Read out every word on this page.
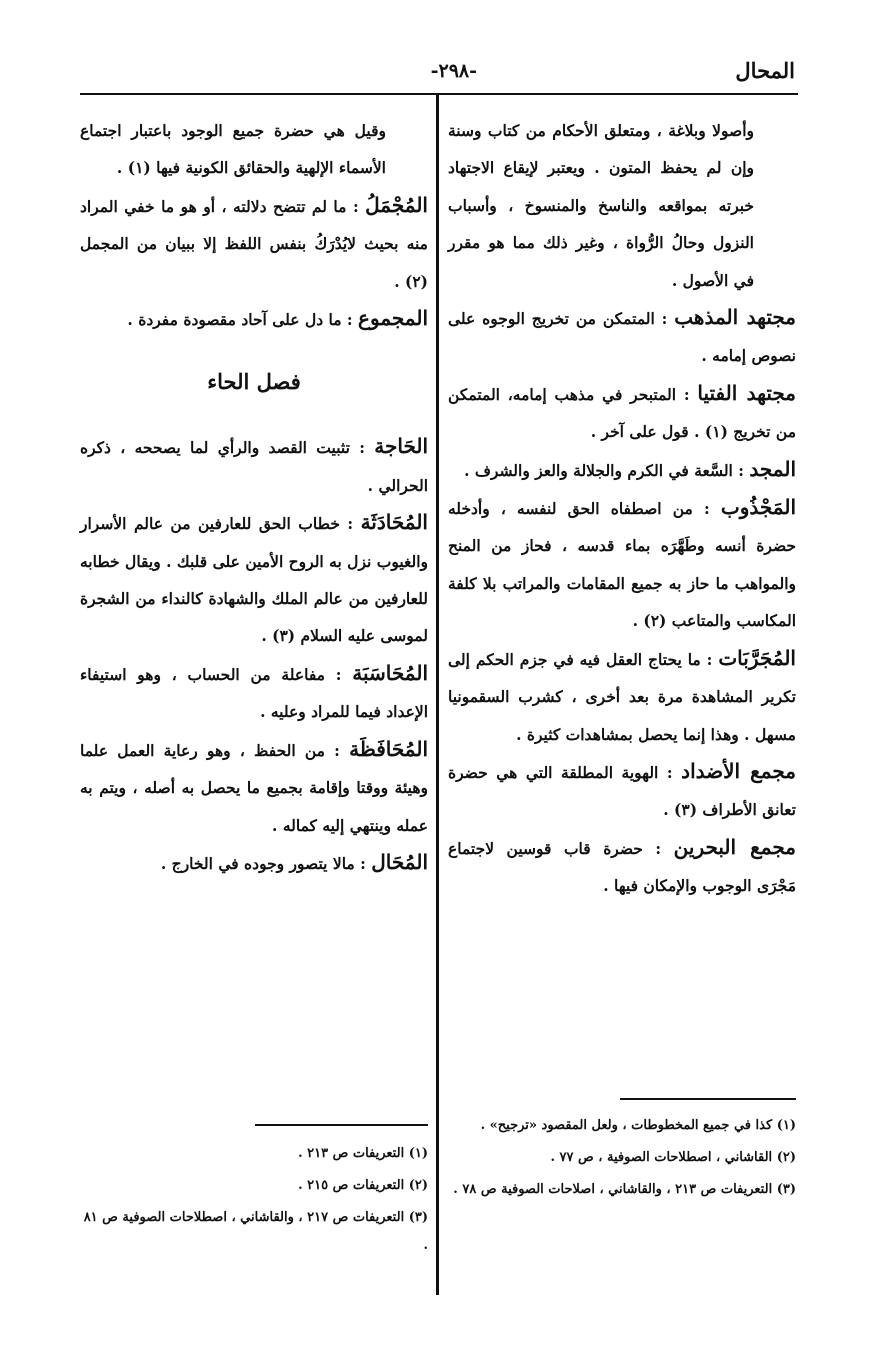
المحال
-٢٩٨-

وأصولا وبلاغة ، ومتعلق الأحكام من كتاب وسنة وإن لم يحفظ المتون . ويعتبر لإيقاع الاجتهاد خبرته بمواقعه والناسخ والمنسوخ ، وأسباب النزول وحالُ الرُّواة ، وغير ذلك مما هو مقرر في الأصول .

مجتهد المذهب : المتمكن من تخريج الوجوه على نصوص إمامه .

مجتهد الفتيا : المتبحر في مذهب إمامه، المتمكن من تخريج (١) . قول على آخر .

المجد : السَّعة في الكرم والجلالة والعز والشرف .

المَجْذُوب : من اصطفاه الحق لنفسه ، وأدخله حضرة أنسه وطَهَّرَه بماء قدسه ، فحاز من المنح والمواهب ما حاز به جميع المقامات والمراتب بلا كلفة المكاسب والمتاعب (٢) .

المُجَرَّبَات : ما يحتاج العقل فيه في جزم الحكم إلى تكرير المشاهدة مرة بعد أخرى ، كشرب السقمونيا مسهل . وهذا إنما يحصل بمشاهدات كثيرة .

مجمع الأضداد : الهوية المطلقة التي هي حضرة تعانق الأطراف (٣) .

مجمع البحرين : حضرة قاب قوسين لاجتماع مَجْرَى الوجوب والإمكان فيها .

وقيل هي حضرة جميع الوجود باعتبار اجتماع الأسماء الإلهية والحقائق الكونية فيها (١) .

المُجْمَلُ : ما لم تتضح دلالته ، أو هو ما خفي المراد منه بحيث لايُدْرَكُ بنفس اللفظ إلا ببيان من المجمل (٢) .

المجموع : ما دل على آحاد مقصودة مفردة .

فصل الحاء

الحَاجة : تثبيت القصد والرأي لما يصححه ، ذكره الحرالي .

المُحَادَثَة : خطاب الحق للعارفين من عالم الأسرار والغيوب نزل به الروح الأمين على قلبك . ويقال خطابه للعارفين من عالم الملك والشهادة كالنداء من الشجرة لموسى عليه السلام (٣) .

المُحَاسَبَة : مفاعلة من الحساب ، وهو استيفاء الإعداد فيما للمراد وعليه .

المُحَافَظَة : من الحفظ ، وهو رعاية العمل علما وهيئة ووقتا وإقامة بجميع ما يحصل به أصله ، ويتم به عمله وينتهي إليه كماله .

المُحَال : مالا يتصور وجوده في الخارج .

(١) كذا في جميع المخطوطات ، ولعل المقصود «ترجيح» .

(٢) القاشاني ، اصطلاحات الصوفية ، ص ٧٧ .

(٣) التعريفات ص ٢١٣ ، والقاشاني ، اصلاحات الصوفية ص ٧٨ .

(١) التعريفات ص ٢١٣ .

(٢) التعريفات ص ٢١٥ .

(٣) التعريفات ص ٢١٧ ، والقاشاني ، اصطلاحات الصوفية ص ٨١ .
